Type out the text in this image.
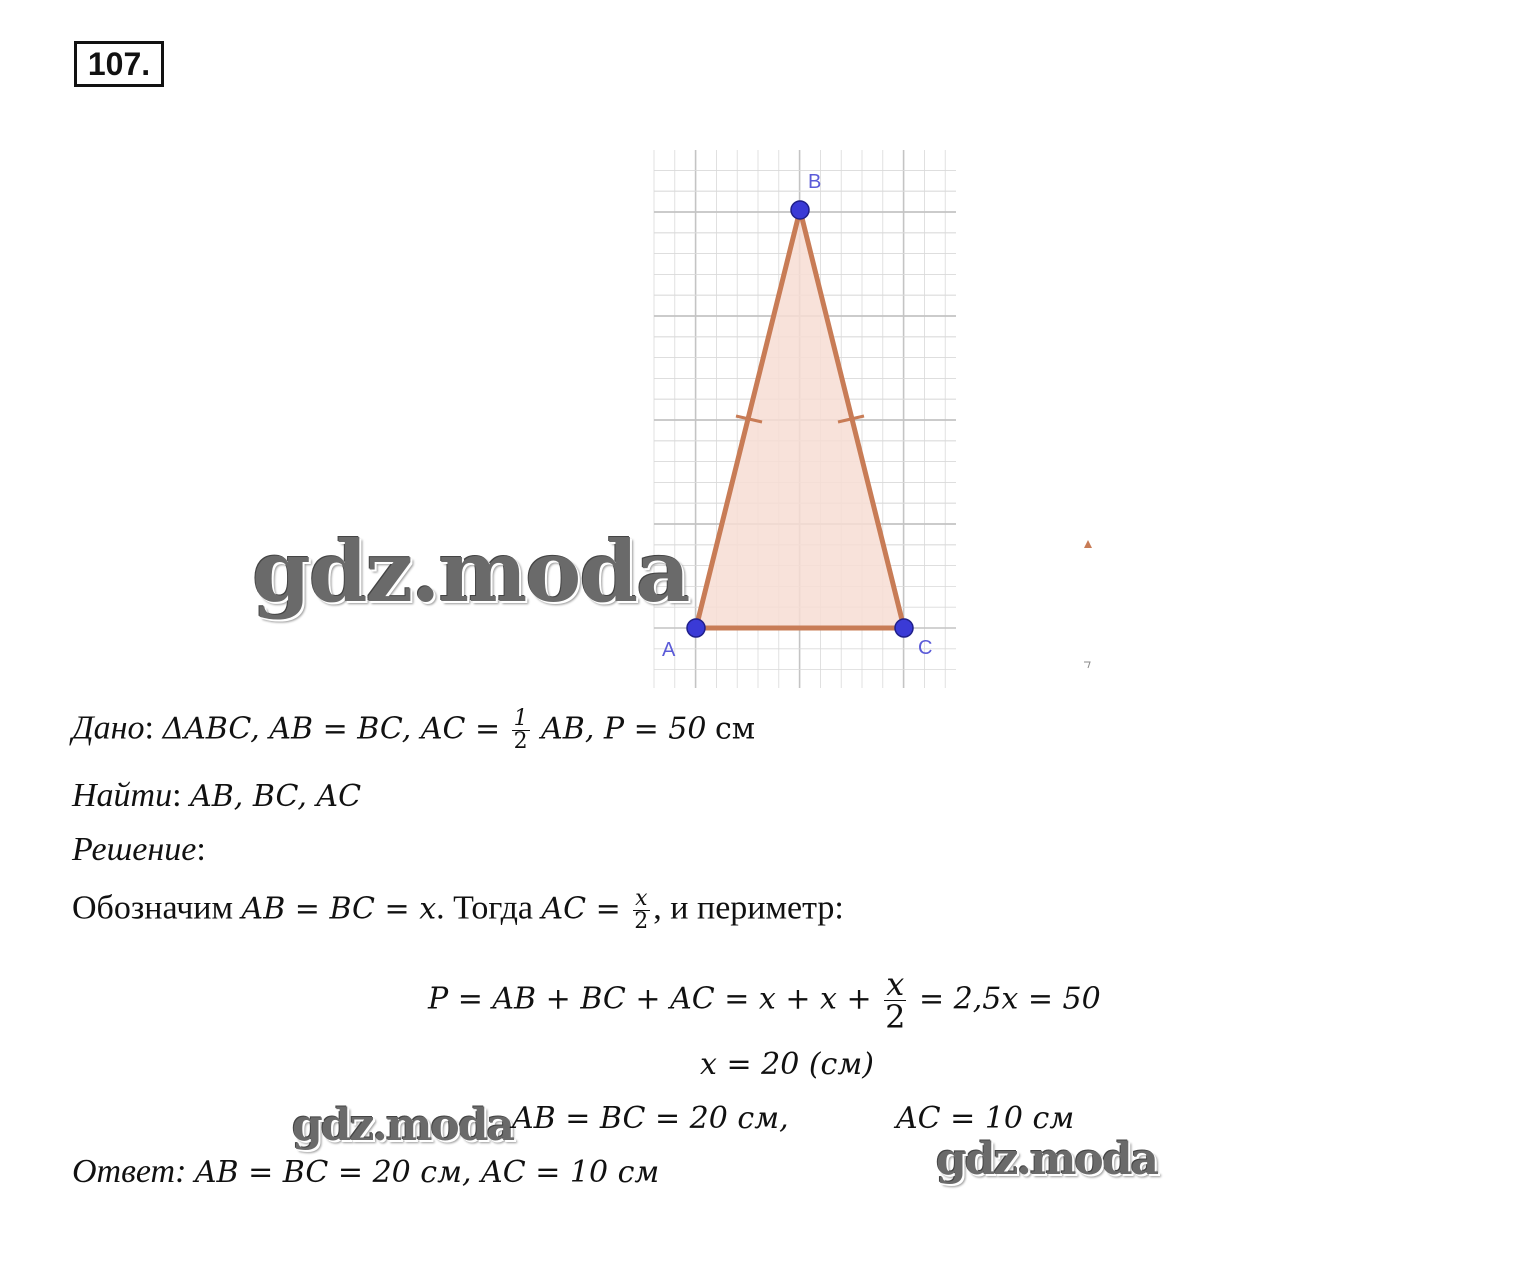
107.
A
B
C
gdz.moda
Дано: ΔABC, AB = BC, AC = $\frac{1}{2}$ AB, P = 50 см
Найти: AB, BC, AC
Решение:
Обозначим AB = BC = x. Тогда AC = $\frac{x}{2}$ , и периметр:
P = AB + BC + AC = $x + x + \frac{x}{2} = 2,5x = 50$
x = 20 (см)
gdz.moda
AB = BC = 20 см,	AC = 10 см
gdz.moda
Ответ: AB = BC = 20 см, AC = 10 см
